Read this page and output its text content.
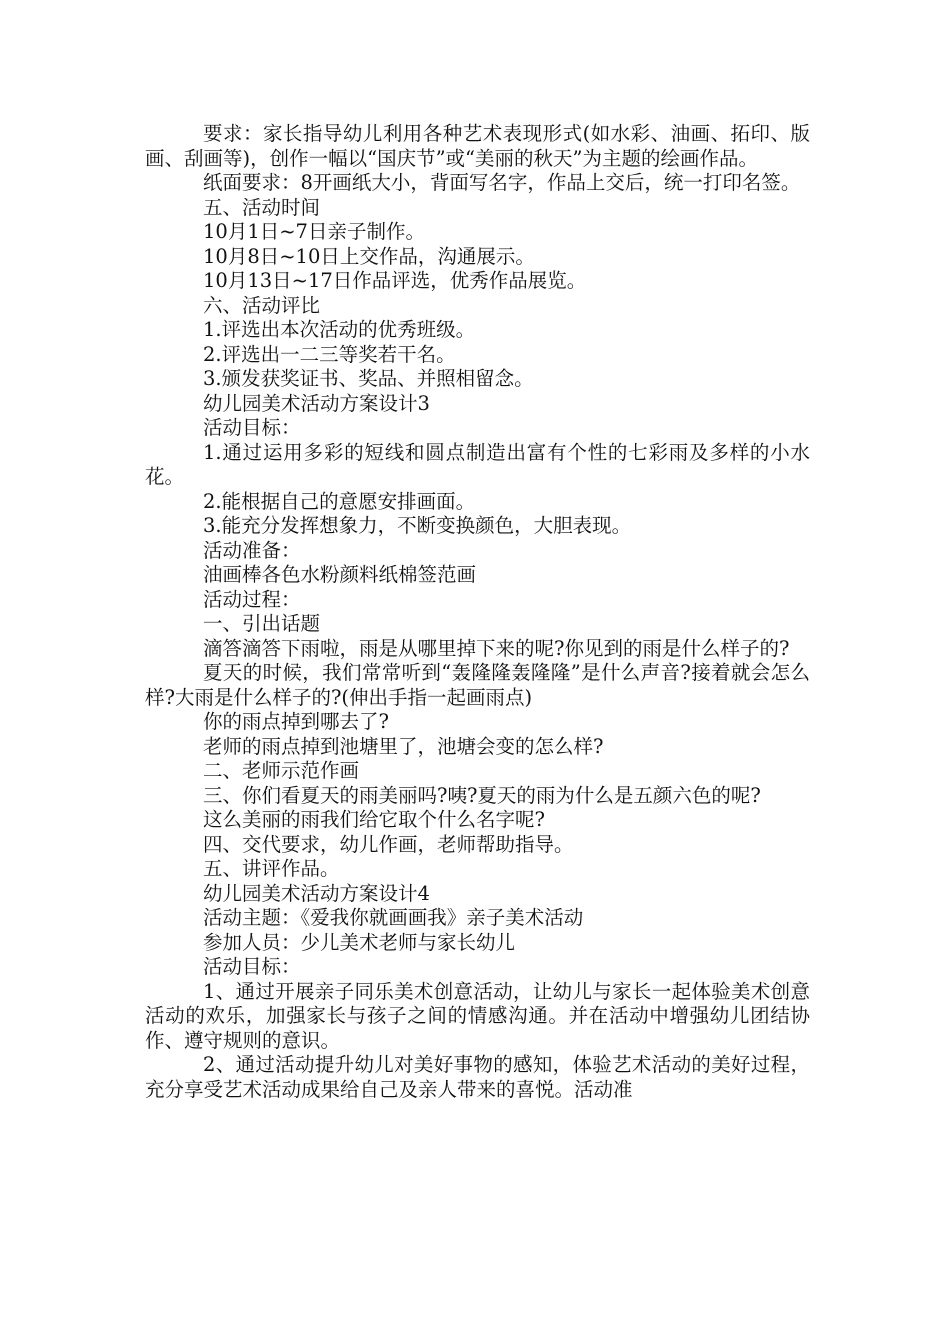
要求：家长指导幼儿利用各种艺术表现形式(如水彩、油画、拓印、版画、刮画等)，创作一幅以“国庆节”或“美丽的秋天”为主题的绘画作品。

纸面要求：8开画纸大小，背面写名字，作品上交后，统一打印名签。

五、活动时间

10月1日~7日亲子制作。

10月8日~10日上交作品，沟通展示。

10月13日~17日作品评选，优秀作品展览。

六、活动评比

1.评选出本次活动的优秀班级。

2.评选出一二三等奖若干名。

3.颁发获奖证书、奖品、并照相留念。

幼儿园美术活动方案设计3

活动目标：

1.通过运用多彩的短线和圆点制造出富有个性的七彩雨及多样的小水花。

2.能根据自己的意愿安排画面。

3.能充分发挥想象力，不断变换颜色，大胆表现。

活动准备：

油画棒各色水粉颜料纸棉签范画

活动过程：

一、引出话题

滴答滴答下雨啦，雨是从哪里掉下来的呢?你见到的雨是什么样子的?

夏天的时候，我们常常听到“轰隆隆轰隆隆”是什么声音?接着就会怎么样?大雨是什么样子的?(伸出手指一起画雨点)

你的雨点掉到哪去了?

老师的雨点掉到池塘里了，池塘会变的怎么样?

二、老师示范作画

三、你们看夏天的雨美丽吗?咦?夏天的雨为什么是五颜六色的呢?

这么美丽的雨我们给它取个什么名字呢?

四、交代要求，幼儿作画，老师帮助指导。

五、讲评作品。

幼儿园美术活动方案设计4

活动主题：《爱我你就画画我》亲子美术活动

参加人员：少儿美术老师与家长幼儿

活动目标：

1、通过开展亲子同乐美术创意活动，让幼儿与家长一起体验美术创意活动的欢乐，加强家长与孩子之间的情感沟通。并在活动中增强幼儿团结协作、遵守规则的意识。

2、通过活动提升幼儿对美好事物的感知，体验艺术活动的美好过程，充分享受艺术活动成果给自己及亲人带来的喜悦。活动准
